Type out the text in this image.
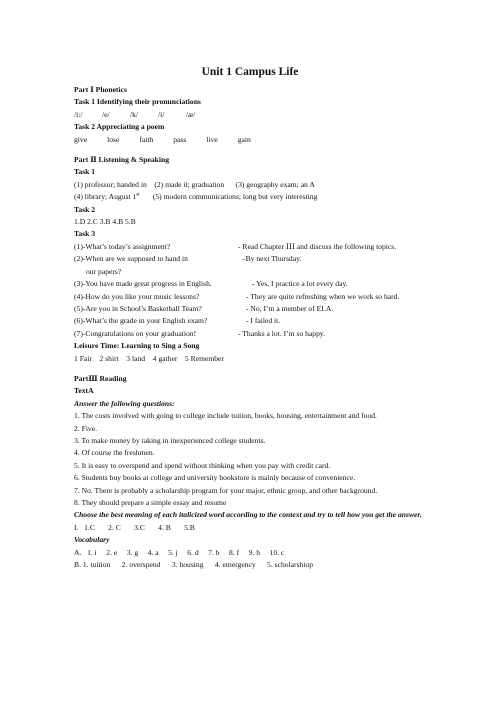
Unit 1 Campus Life
Part Ⅰ Phonetics
Task 1 Identifying their pronunciations
/i:/	/e/	/k/	/i/	/æ/
Task 2 Appreciating a poem
give	lose	faith	pass	live	gain
Part Ⅱ Listening & Speaking
Task 1
(1) professor; handed in    (2) made it; graduation      (3) geography exam; an A
(4) library; August 1st       (5) modern communications; long but very interesting
Task 2
1.D 2.C 3.B 4.B 5.B
Task 3
(1)-What’s today’s assignment?	- Read Chapter ⅠⅠⅠ and discuss the following topics.
(2)-When are we supposed to hand in	–By next Thursday.
our papers?
(3)-You have made great progress in English.	- Yes, I practice a lot every day.
(4)-How do you like your music lessons?	- They are quite refreshing when we work so hard.
(5)-Are you in School’s Basketball Team?	- No, I’m a member of ELA.
(6)-What’s the grade in your English exam?	- I failed it.
(7)-Congratulations on your graduation!	- Thanks a lot. I’m so happy.
Leisure Time: Learning to Sing a Song
1 Fair    2 shirt    3 land    4 gather    5 Remember
PartⅢ Reading
TextA
Answer the following questions:
1. The costs involved with going to college include tuition, books, housing, entertainment and food.
2. Five.
3. To make money by taking in inexperienced college students.
4. Of course the freshmen.
5. It is easy to overspend and spend without thinking when you pay with credit card.
6. Students buy books at college and university bookstore is mainly because of convenience.
7. No. There is probably a scholarship program for your major, ethnic group, and other background.
8. They should prepare a simple essay and resume
Choose the best meaning of each italicized word according to the context and try to tell how you get the answer.
I.   1.C       2. C       3.C       4. B       5.B
Vocabulary
A.   1. i     2. e     3. g     4. a     5. j     6. d     7. b     8. f     9. h     10. c
B. 1. tuition      2. overspend      3. housing      4. emergency      5. scholarshiop
